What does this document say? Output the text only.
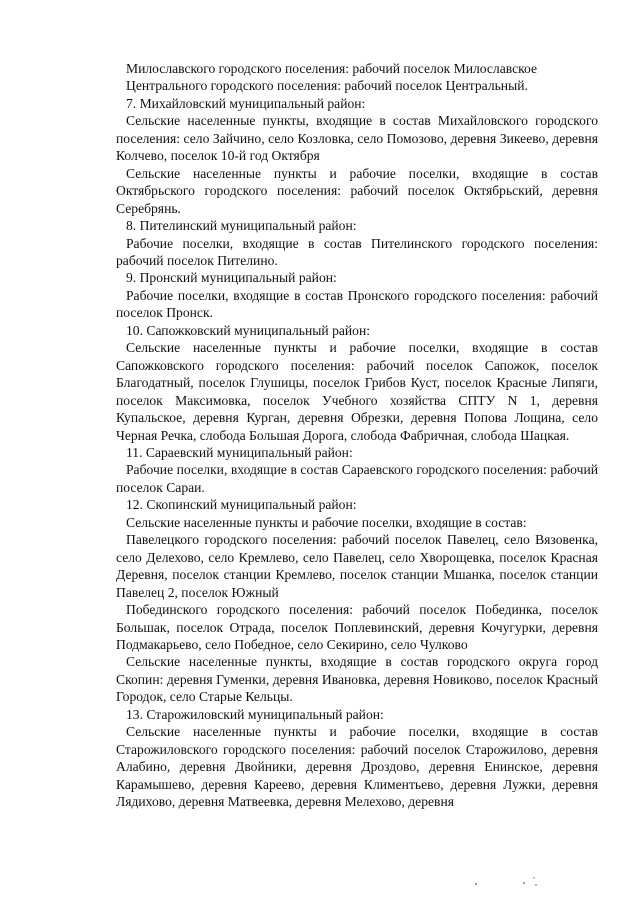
Милославского городского поселения: рабочий поселок Милославское

Центрального городского поселения: рабочий поселок Центральный.

7. Михайловский муниципальный район:

Сельские населенные пункты, входящие в состав Михайловского городского поселения: село Зайчино, село Козловка, село Помозово, деревня Зикеево, деревня Колчево, поселок 10-й год Октября

Сельские населенные пункты и рабочие поселки, входящие в состав Октябрьского городского поселения: рабочий поселок Октябрьский, деревня Серебрянь.

8. Пителинский муниципальный район:

Рабочие поселки, входящие в состав Пителинского городского поселения: рабочий поселок Пителино.

9. Пронский муниципальный район:

Рабочие поселки, входящие в состав Пронского городского поселения: рабочий поселок Пронск.

10. Сапожковский муниципальный район:

Сельские населенные пункты и рабочие поселки, входящие в состав Сапожковского городского поселения: рабочий поселок Сапожок, поселок Благодатный, поселок Глушицы, поселок Грибов Куст, поселок Красные Липяги, поселок Максимовка, поселок Учебного хозяйства СПТУ N 1, деревня Купальское, деревня Курган, деревня Обрезки, деревня Попова Лощина, село Черная Речка, слобода Большая Дорога, слобода Фабричная, слобода Шацкая.

11. Сараевский муниципальный район:

Рабочие поселки, входящие в состав Сараевского городского поселения: рабочий поселок Сараи.

12. Скопинский муниципальный район:

Сельские населенные пункты и рабочие поселки, входящие в состав:

Павелецкого городского поселения: рабочий поселок Павелец, село Вязовенка, село Делехово, село Кремлево, село Павелец, село Хворощевка, поселок Красная Деревня, поселок станции Кремлево, поселок станции Мшанка, поселок станции Павелец 2, поселок Южный

Побединского городского поселения: рабочий поселок Побединка, поселок Большак, поселок Отрада, поселок Поплевинский, деревня Кочугурки, деревня Подмакарьево, село Победное, село Секирино, село Чулково

Сельские населенные пункты, входящие в состав городского округа город Скопин: деревня Гуменки, деревня Ивановка, деревня Новиково, поселок Красный Городок, село Старые Кельцы.

13. Старожиловский муниципальный район:

Сельские населенные пункты и рабочие поселки, входящие в состав Старожиловского городского поселения: рабочий поселок Старожилово, деревня Алабино, деревня Двойники, деревня Дроздово, деревня Енинское, деревня Карамышево, деревня Кареево, деревня Климентьево, деревня Лужки, деревня Лядихово, деревня Матвеевка, деревня Мелехово, деревня
